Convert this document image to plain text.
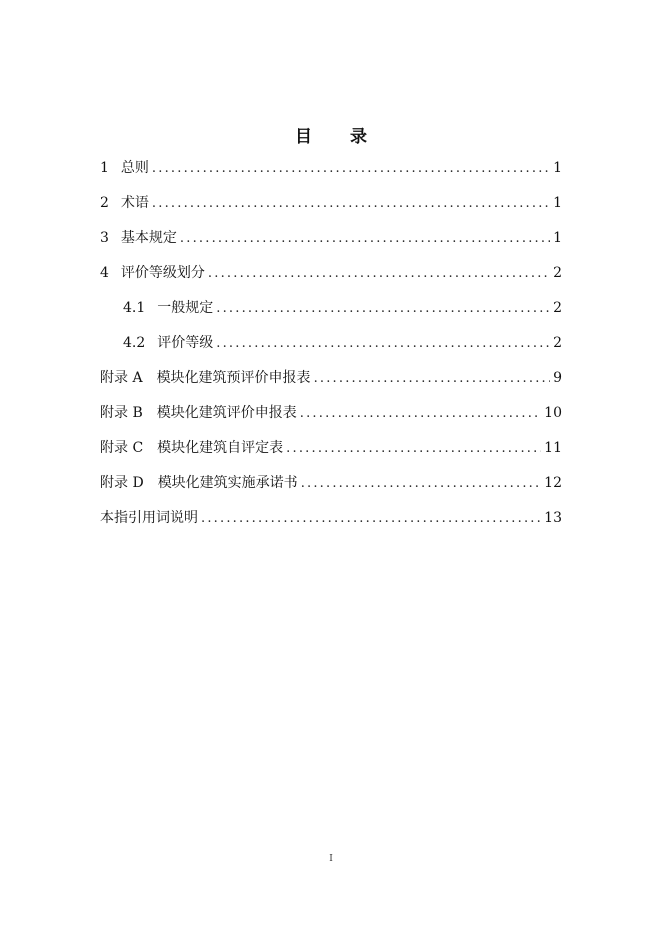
目 录
1 总则 .....	1
2 术语 .....	1
3 基本规定 .....	1
4 评价等级划分 .....	2
4.1 一般规定 .....	2
4.2 评价等级 .....	2
附录 A 模块化建筑预评价申报表 .....	9
附录 B 模块化建筑评价申报表 .....	10
附录 C 模块化建筑自评定表 .....	11
附录 D 模块化建筑实施承诺书 .....	12
本指引用词说明 .....	13
I
